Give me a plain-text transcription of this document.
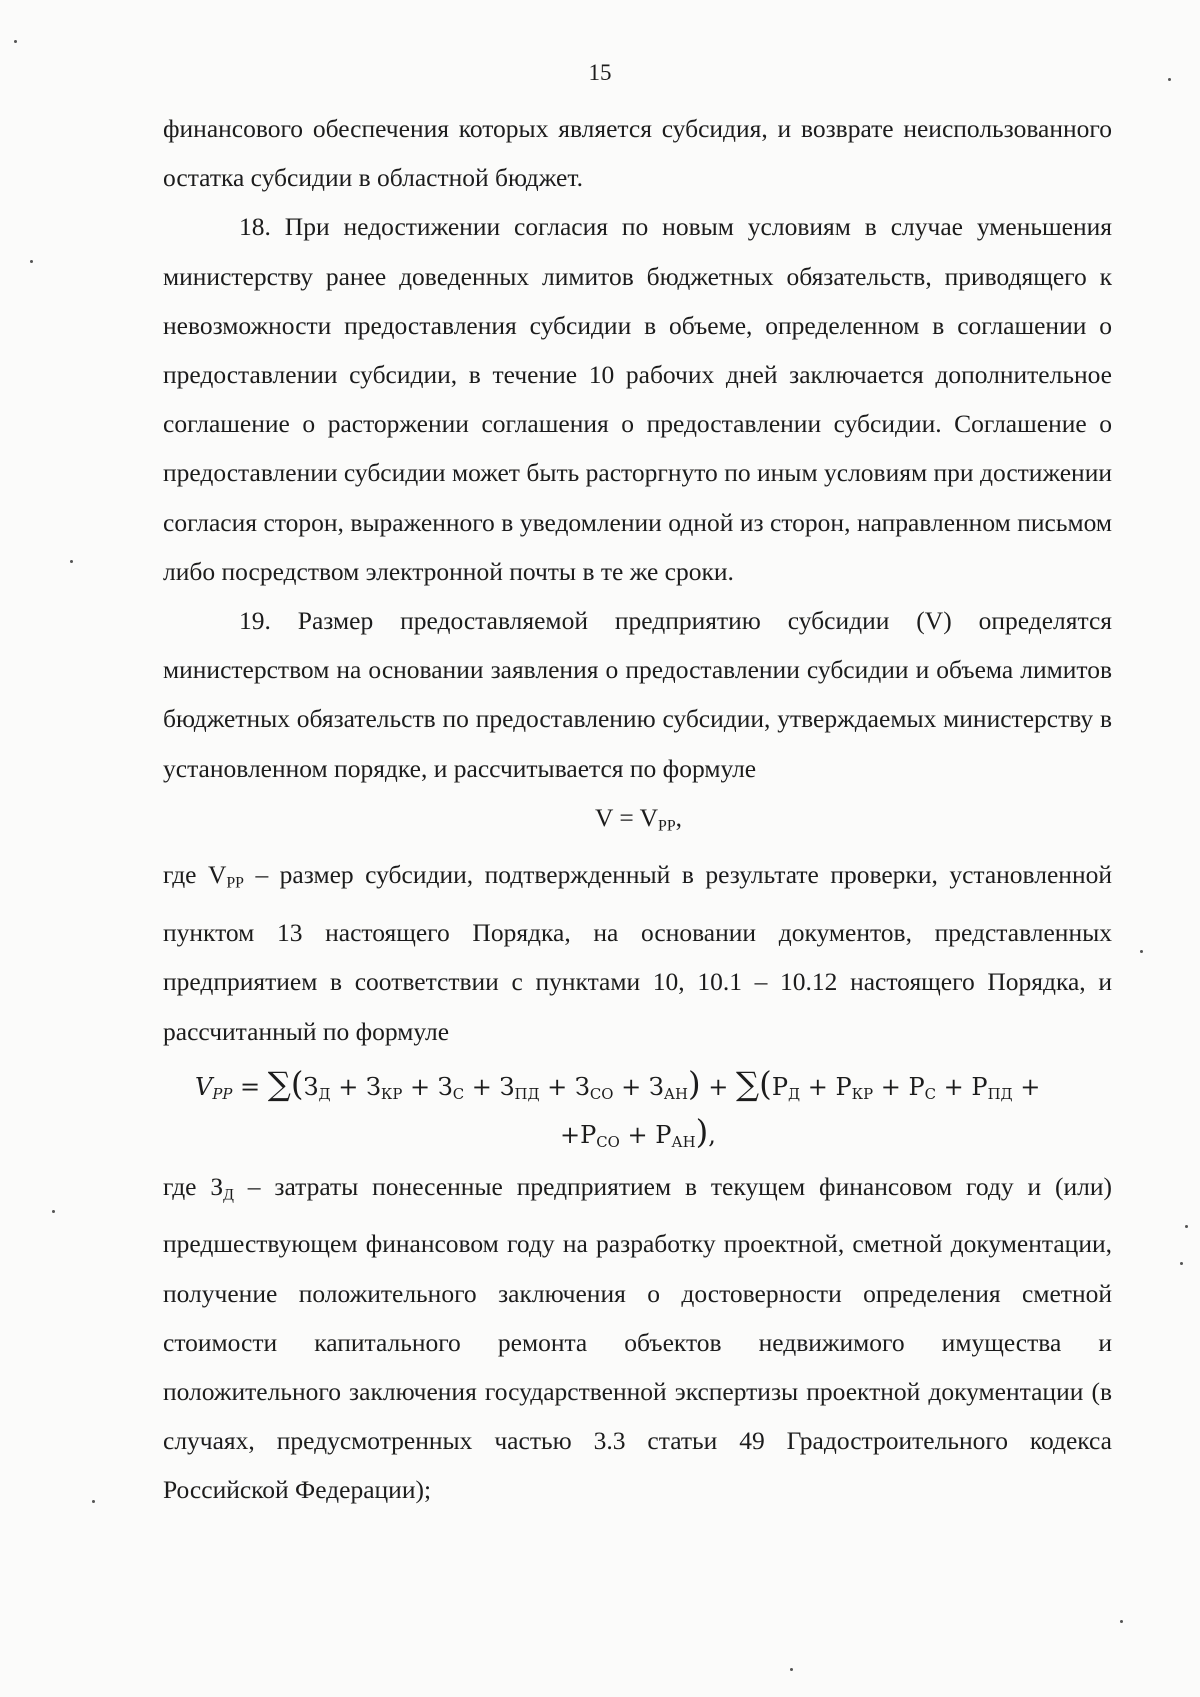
15

финансового обеспечения которых является субсидия, и возврате неиспользованного остатка субсидии в областной бюджет.

18. При недостижении согласия по новым условиям в случае уменьшения министерству ранее доведенных лимитов бюджетных обязательств, приводящего к невозможности предоставления субсидии в объеме, определенном в соглашении о предоставлении субсидии, в течение 10 рабочих дней заключается дополнительное соглашение о расторжении соглашения о предоставлении субсидии. Соглашение о предоставлении субсидии может быть расторгнуто по иным условиям при достижении согласия сторон, выраженного в уведомлении одной из сторон, направленном письмом либо посредством электронной почты в те же сроки.

19. Размер предоставляемой предприятию субсидии (V) определятся министерством на основании заявления о предоставлении субсидии и объема лимитов бюджетных обязательств по предоставлению субсидии, утверждаемых министерству в установленном порядке, и рассчитывается по формуле

$V = V_{PP}$,

где $V_{PP}$ – размер субсидии, подтвержденный в результате проверки, установленной пунктом 13 настоящего Порядка, на основании документов, представленных предприятием в соответствии с пунктами 10, 10.1 – 10.12 настоящего Порядка, и рассчитанный по формуле

$V_{PP} = \sum(З_Д + З_{КР} + З_С + З_{ПД} + З_{СО} + З_{АН}) + \sum(Р_Д + Р_{КР} + Р_С + Р_{ПД}$ +
$+Р_{СО} + Р_{АН}$),

где $З_Д$ – затраты понесенные предприятием в текущем финансовом году и (или) предшествующем финансовом году на разработку проектной, сметной документации, получение положительного заключения о достоверности определения сметной стоимости капитального ремонта объектов недвижимого имущества и положительного заключения государственной экспертизы проектной документации (в случаях, предусмотренных частью 3.3 статьи 49 Градостроительного кодекса Российской Федерации);
